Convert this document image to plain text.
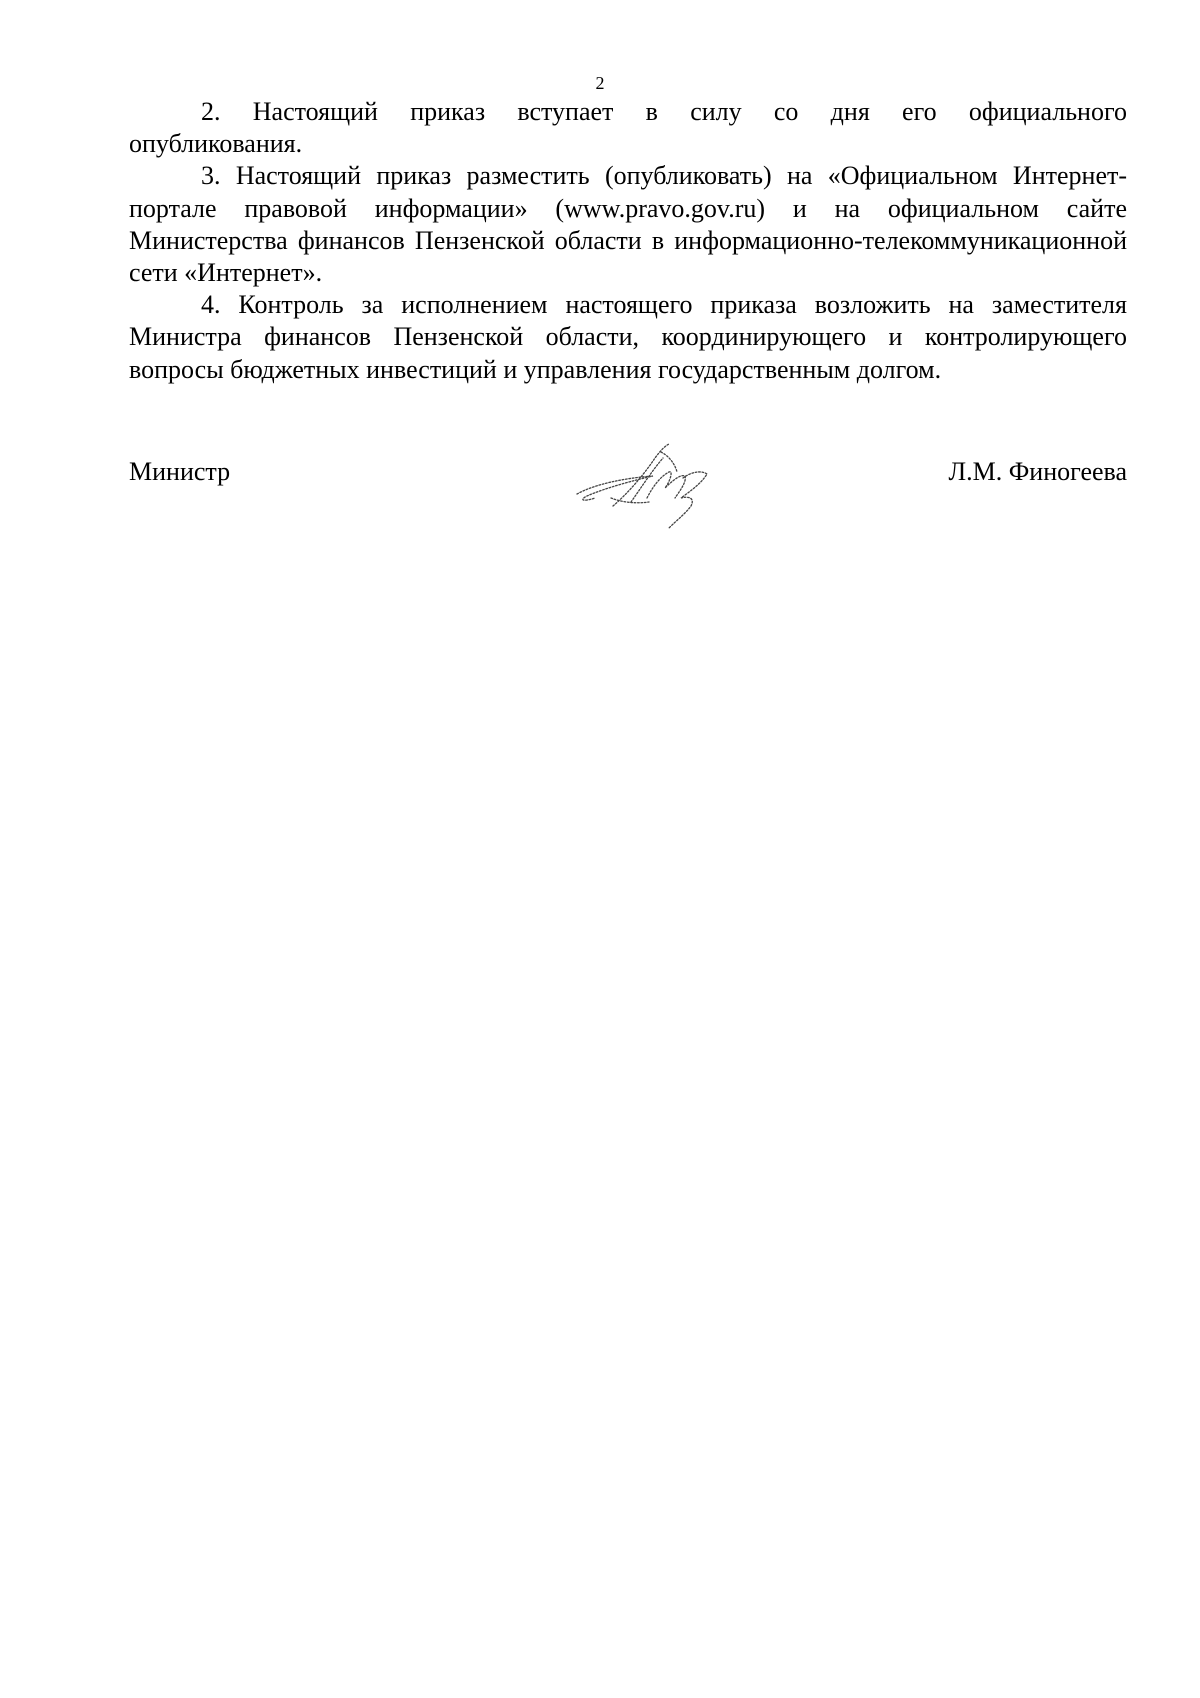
2

2. Настоящий приказ вступает в силу со дня его официального опубликования.

3. Настоящий приказ разместить (опубликовать) на «Официальном Интернет-портале правовой информации» (www.pravo.gov.ru) и на официальном сайте Министерства финансов Пензенской области в информационно-телекоммуникационной сети «Интернет».

4. Контроль за исполнением настоящего приказа возложить на заместителя Министра финансов Пензенской области, координирующего и контролирующего вопросы бюджетных инвестиций и управления государственным долгом.

Министр	Л.М. Финогеева
